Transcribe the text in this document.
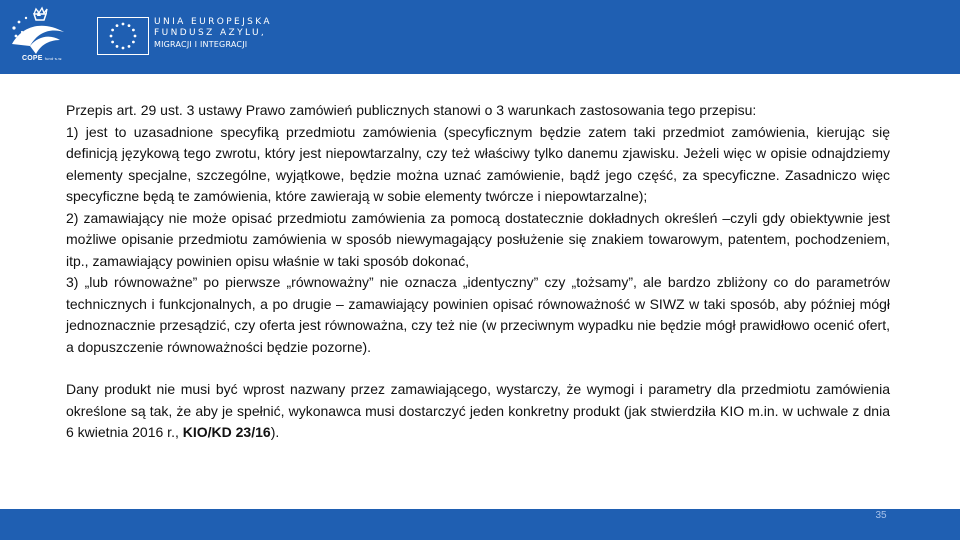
COPE fund·s.w.
UNIA EUROPEJSKA
FUNDUSZ AZYLU,
MIGRACJI I INTEGRACJI

Przepis art. 29 ust. 3 ustawy Prawo zamówień publicznych stanowi o 3 warunkach zastosowania tego przepisu:

1) jest to uzasadnione specyfiką przedmiotu zamówienia (specyficznym będzie zatem taki przedmiot zamówienia, kierując się definicją językową tego zwrotu, który jest niepowtarzalny, czy też właściwy tylko danemu zjawisku. Jeżeli więc w opisie odnajdziemy elementy specjalne, szczególne, wyjątkowe, będzie można uznać zamówienie, bądź jego część, za specyficzne. Zasadniczo więc specyficzne będą te zamówienia, które zawierają w sobie elementy twórcze i niepowtarzalne);

2) zamawiający nie może opisać przedmiotu zamówienia za pomocą dostatecznie dokładnych określeń –czyli gdy obiektywnie jest możliwe opisanie przedmiotu zamówienia w sposób niewymagający posłużenie się znakiem towarowym, patentem, pochodzeniem, itp., zamawiający powinien opisu właśnie w taki sposób dokonać,

3) „lub równoważne” po pierwsze „równoważny” nie oznacza „identyczny” czy „tożsamy”, ale bardzo zbliżony co do parametrów technicznych i funkcjonalnych, a po drugie – zamawiający powinien opisać równoważność w SIWZ w taki sposób, aby później mógł jednoznacznie przesądzić, czy oferta jest równoważna, czy też nie (w przeciwnym wypadku nie będzie mógł prawidłowo ocenić ofert, a dopuszczenie równoważności będzie pozorne).

Dany produkt nie musi być wprost nazwany przez zamawiającego, wystarczy, że wymogi i parametry dla przedmiotu zamówienia określone są tak, że aby je spełnić, wykonawca musi dostarczyć jeden konkretny produkt (jak stwierdziła KIO m.in. w uchwale z dnia 6 kwietnia 2016 r., KIO/KD 23/16).

35
